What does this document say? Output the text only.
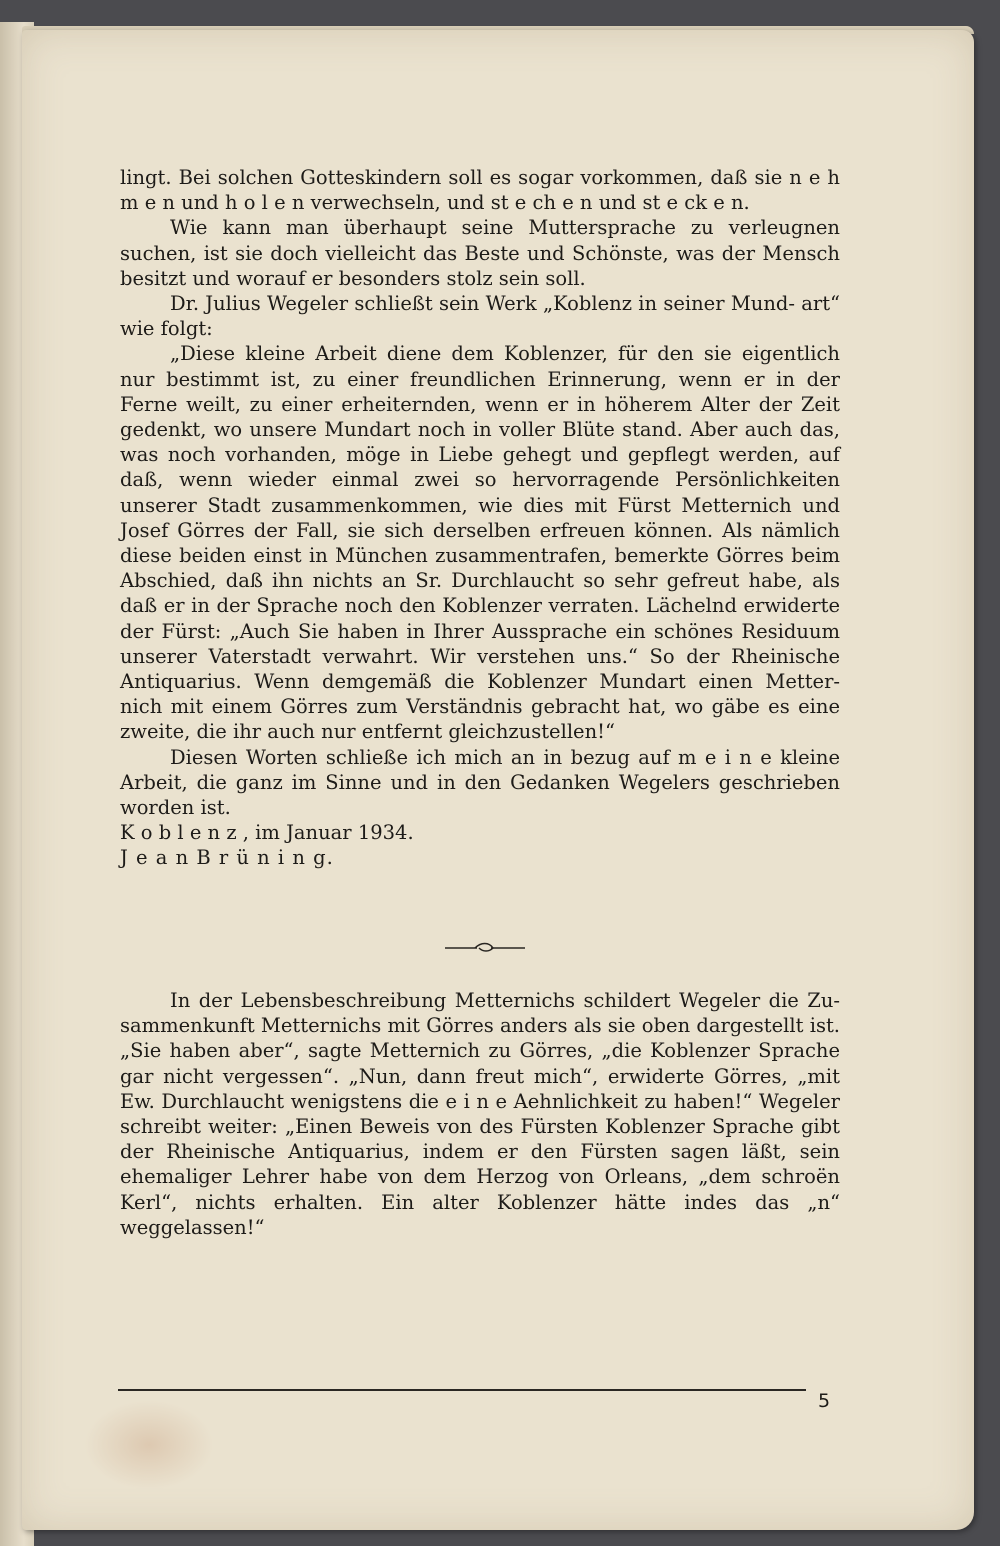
lingt. Bei solchen Gotteskindern soll es sogar vorkommen, daß sie n e h m e n und h o l e n verwechseln, und st e ch e n und st e ck e n.

Wie kann man überhaupt seine Muttersprache zu verleugnen suchen, ist sie doch vielleicht das Beste und Schönste, was der Mensch besitzt und worauf er besonders stolz sein soll.

Dr. Julius Wegeler schließt sein Werk „Koblenz in seiner Mund- art“ wie folgt:

„Diese kleine Arbeit diene dem Koblenzer, für den sie eigentlich nur bestimmt ist, zu einer freundlichen Erinnerung, wenn er in der Ferne weilt, zu einer erheiternden, wenn er in höherem Alter der Zeit gedenkt, wo unsere Mundart noch in voller Blüte stand. Aber auch das, was noch vorhanden, möge in Liebe gehegt und gepflegt werden, auf daß, wenn wieder einmal zwei so hervorragende Persönlichkeiten unserer Stadt zusammenkommen, wie dies mit Fürst Metternich und Josef Görres der Fall, sie sich derselben erfreuen können. Als nämlich diese beiden einst in München zusammentrafen, bemerkte Görres beim Abschied, daß ihn nichts an Sr. Durchlaucht so sehr gefreut habe, als daß er in der Sprache noch den Koblenzer verraten. Lächelnd erwiderte der Fürst: „Auch Sie haben in Ihrer Aussprache ein schönes Residuum unserer Vaterstadt verwahrt. Wir verstehen uns.“ So der Rheinische Antiquarius. Wenn demgemäß die Koblenzer Mundart einen Metter- nich mit einem Görres zum Verständnis gebracht hat, wo gäbe es eine zweite, die ihr auch nur entfernt gleichzustellen!“

Diesen Worten schließe ich mich an in bezug auf m e i n e kleine Arbeit, die ganz im Sinne und in den Gedanken Wegelers geschrieben worden ist.

K o b l e n z , im Januar 1934.

J e a n B r ü n i n g.

In der Lebensbeschreibung Metternichs schildert Wegeler die Zu- sammenkunft Metternichs mit Görres anders als sie oben dargestellt ist. „Sie haben aber“, sagte Metternich zu Görres, „die Koblenzer Sprache gar nicht vergessen“. „Nun, dann freut mich“, erwiderte Görres, „mit Ew. Durchlaucht wenigstens die e i n e Aehnlichkeit zu haben!“ Wegeler schreibt weiter: „Einen Beweis von des Fürsten Koblenzer Sprache gibt der Rheinische Antiquarius, indem er den Fürsten sagen läßt, sein ehemaliger Lehrer habe von dem Herzog von Orleans, „dem schroën Kerl“, nichts erhalten. Ein alter Koblenzer hätte indes das „n“ weggelassen!“

5
